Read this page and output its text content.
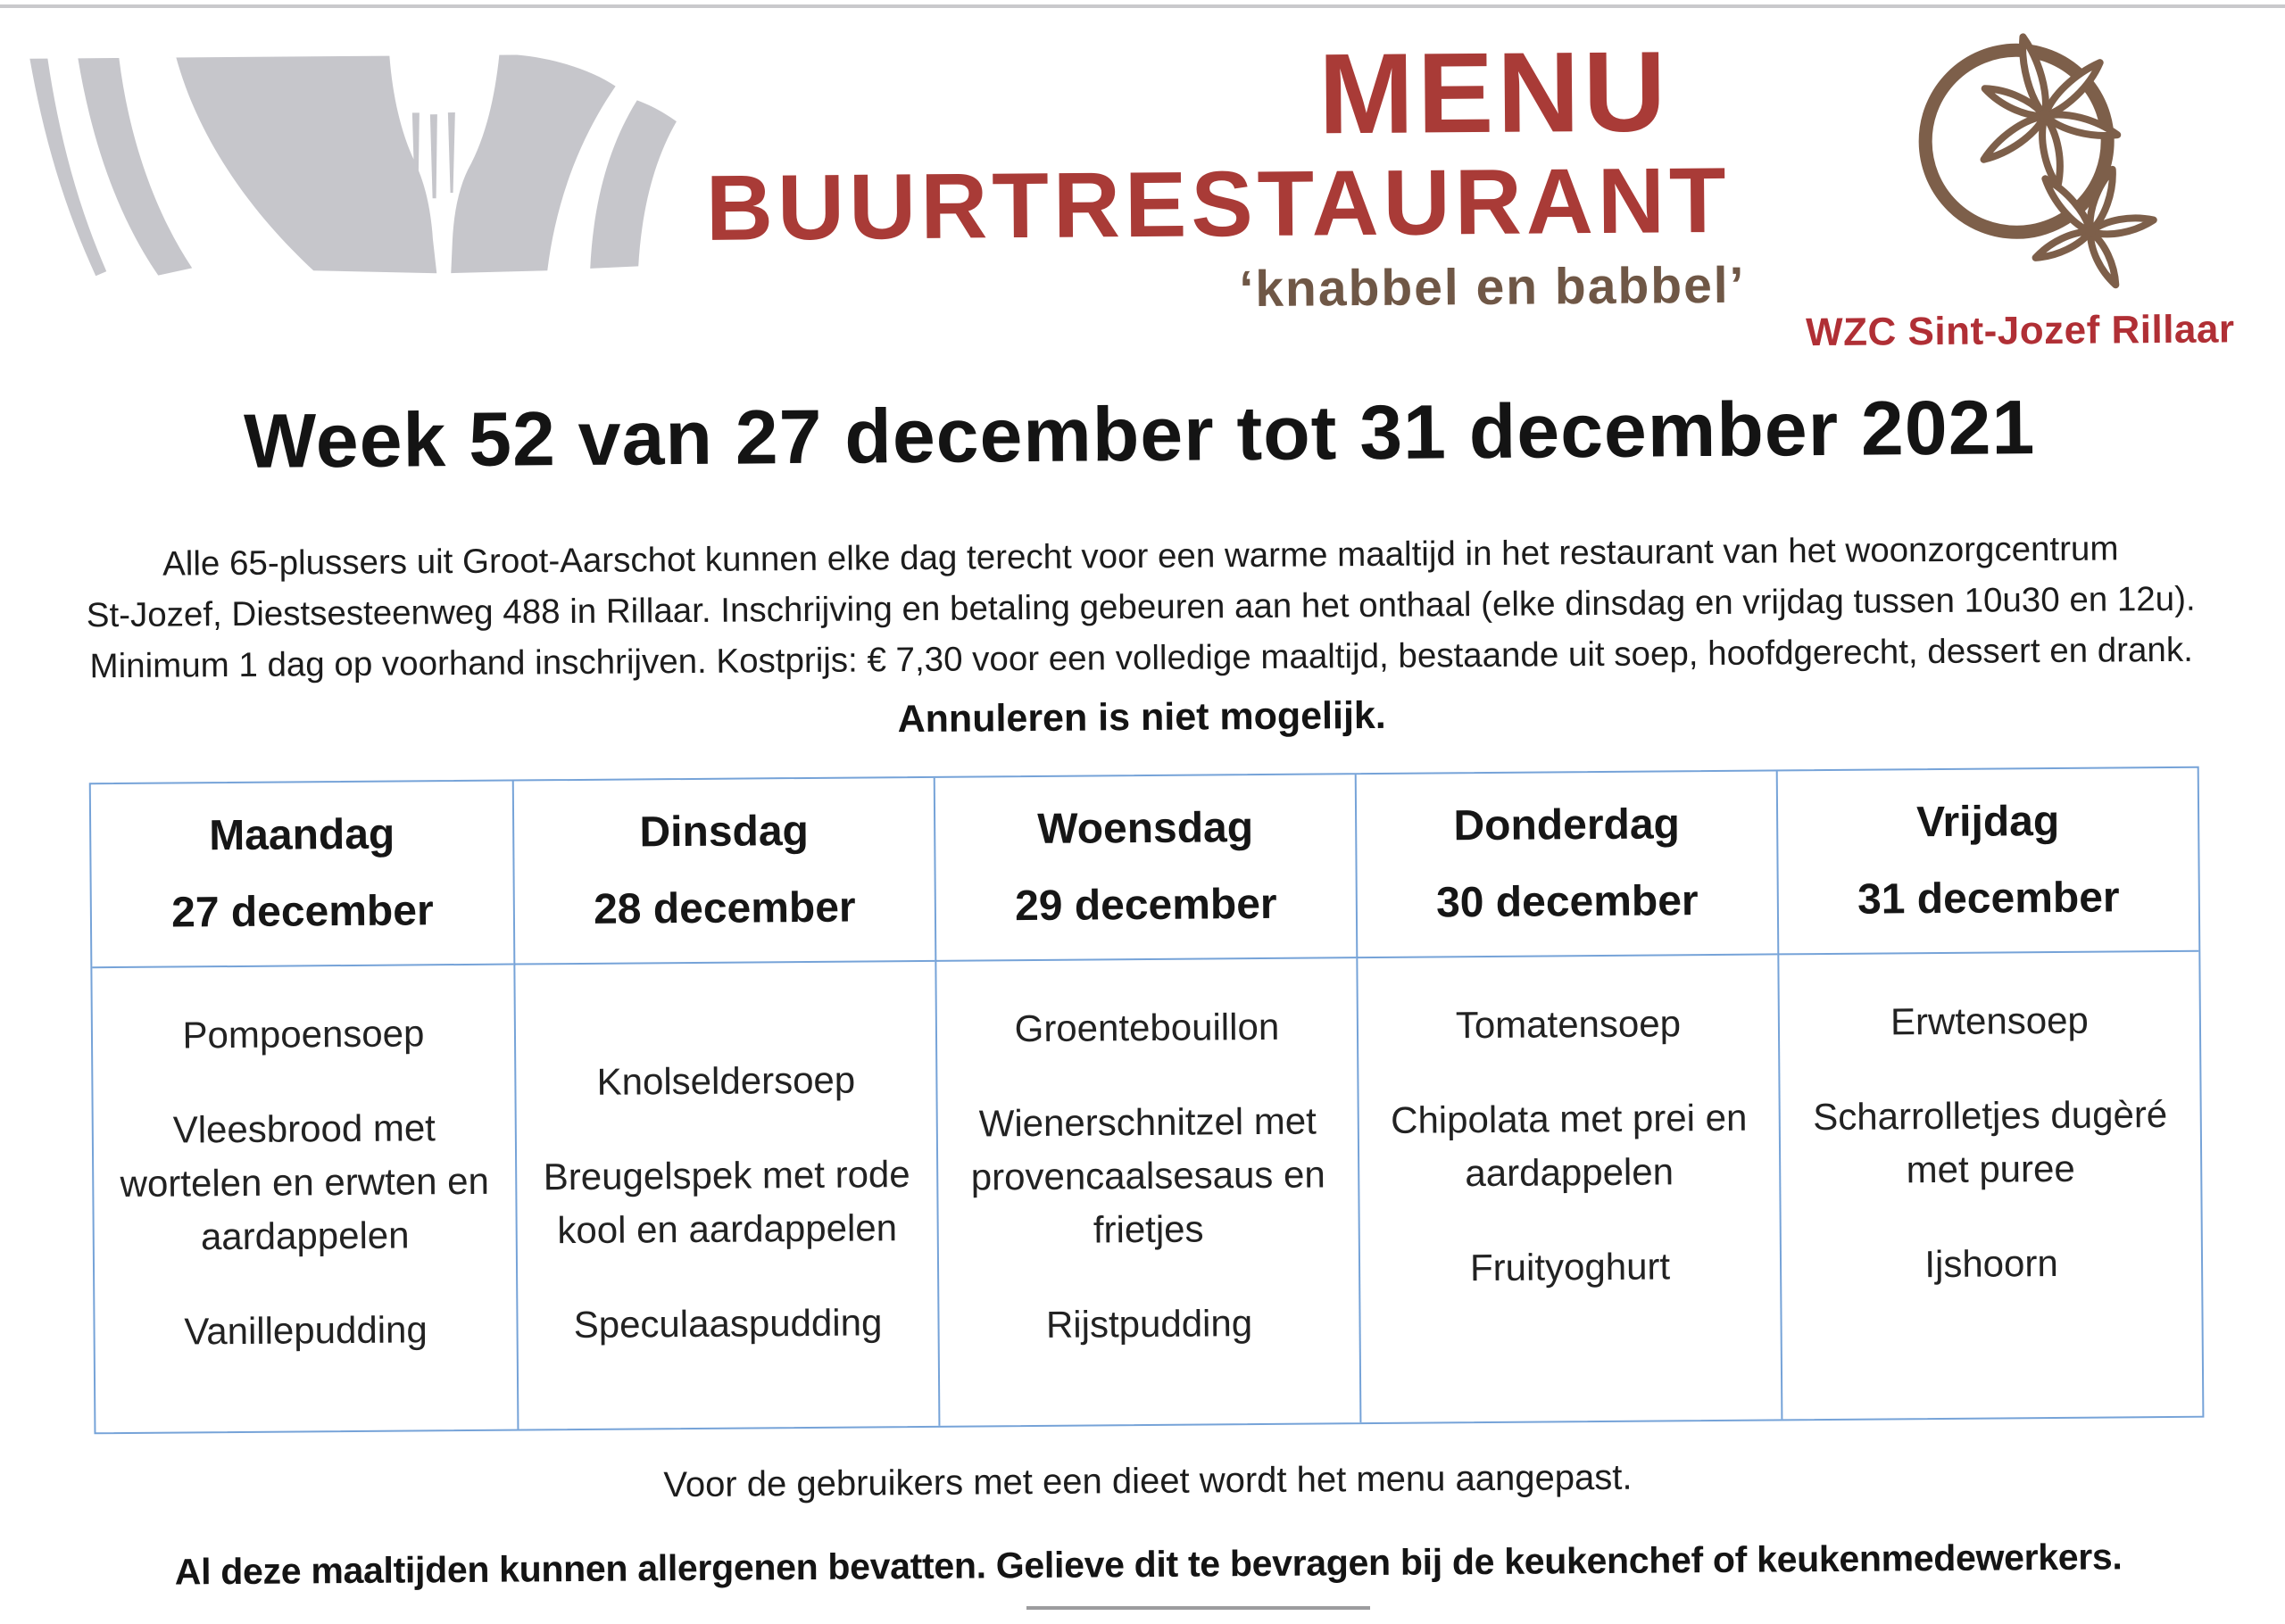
MENU
BUURTRESTAURANT
‘knabbel en babbel’
WZC Sint-Jozef Rillaar
Week 52 van 27 december tot 31 december 2021
Alle 65-plussers uit Groot-Aarschot kunnen elke dag terecht voor een warme maaltijd in het restaurant van het woonzorgcentrum
St-Jozef, Diestsesteenweg 488 in Rillaar. Inschrijving en betaling gebeuren aan het onthaal (elke dinsdag en vrijdag tussen 10u30 en 12u).
Minimum 1 dag op voorhand inschrijven. Kostprijs: € 7,30 voor een volledige maaltijd, bestaande uit soep, hoofdgerecht, dessert en drank.
Annuleren is niet mogelijk.
Maandag
27 december
Dinsdag
28 december
Woensdag
29 december
Donderdag
30 december
Vrijdag
31 december

Pompoensoep

Vleesbrood met wortelen en erwten en aardappelen

Vanillepudding

Knolseldersoep

Breugelspek met rode kool en aardappelen

Speculaaspudding

Groentebouillon

Wienerschnitzel met provencaalsesaus en frietjes

Rijstpudding

Tomatensoep

Chipolata met prei en aardappelen

Fruityoghurt

Erwtensoep

Scharrolletjes dugèré met puree

Ijshoorn

Voor de gebruikers met een dieet wordt het menu aangepast.
Al deze maaltijden kunnen allergenen bevatten. Gelieve dit te bevragen bij de keukenchef of keukenmedewerkers.
